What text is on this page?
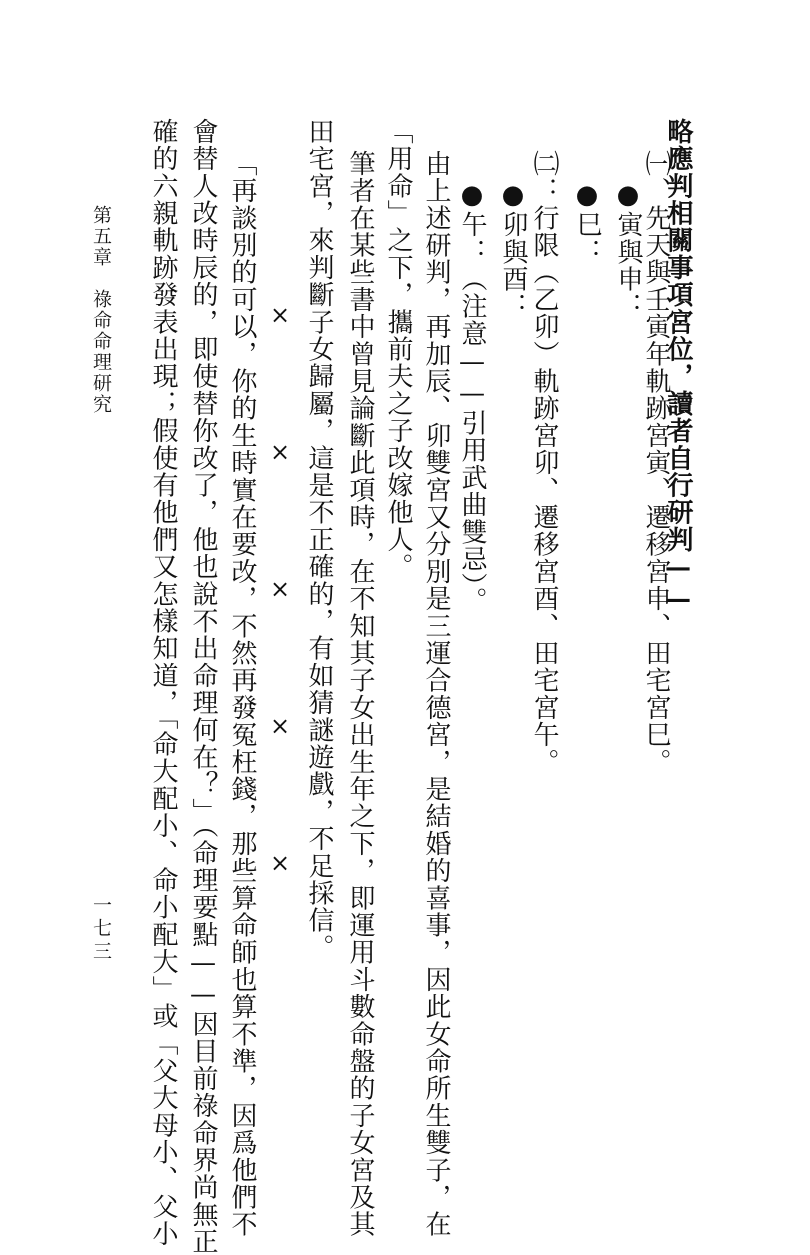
略應判相關事項宮位，讀者自行研判——
㈠、先天與壬寅年軌跡宮寅、遷移宮申、田宅宮巳。
●寅與申：
●巳：
㈡：行限（乙卯）軌跡宮卯、遷移宮酉、田宅宮午。
●卯與酉：
●午：（注意——引用武曲雙忌）。
由上述研判，再加辰、卯雙宮又分別是三運合德宮，是結婚的喜事，因此女命所生雙子，在
「用命」之下，攜前夫之子改嫁他人。
筆者在某些書中曾見論斷此項時，在不知其子女出生年之下，即運用斗數命盤的子女宮及其
田宅宮，來判斷子女歸屬，這是不正確的，有如猜謎遊戲，不足採信。
×
×
×
×
×
「再談別的可以，你的生時實在要改，不然再發冤枉錢，那些算命師也算不準，因爲他們不
會替人改時辰的，即使替你改了，他也說不出命理何在？」（命理要點——因目前祿命界尚無正
確的六親軌跡發表出現；假使有他們又怎樣知道，「命大配小、命小配大」或「父大母小、父小
第五章　祿命命理研究
一七三
